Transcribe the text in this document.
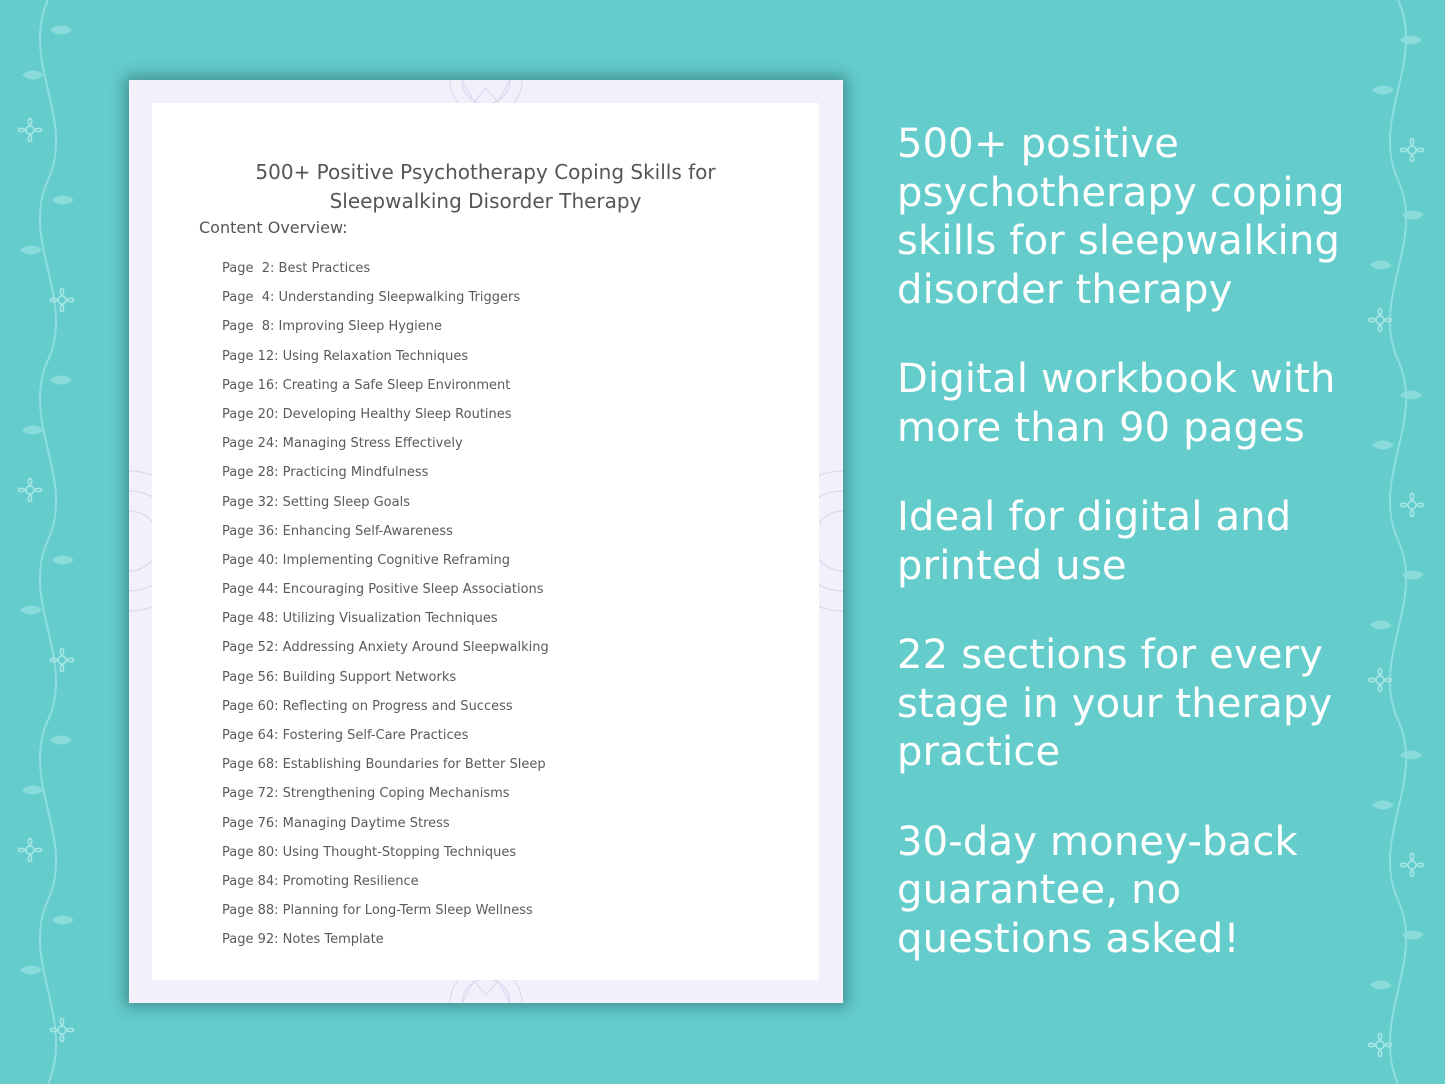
500+ Positive Psychotherapy Coping Skills for
Sleepwalking Disorder Therapy
Content Overview:
Page  2: Best Practices
Page  4: Understanding Sleepwalking Triggers
Page  8: Improving Sleep Hygiene
Page 12: Using Relaxation Techniques
Page 16: Creating a Safe Sleep Environment
Page 20: Developing Healthy Sleep Routines
Page 24: Managing Stress Effectively
Page 28: Practicing Mindfulness
Page 32: Setting Sleep Goals
Page 36: Enhancing Self-Awareness
Page 40: Implementing Cognitive Reframing
Page 44: Encouraging Positive Sleep Associations
Page 48: Utilizing Visualization Techniques
Page 52: Addressing Anxiety Around Sleepwalking
Page 56: Building Support Networks
Page 60: Reflecting on Progress and Success
Page 64: Fostering Self-Care Practices
Page 68: Establishing Boundaries for Better Sleep
Page 72: Strengthening Coping Mechanisms
Page 76: Managing Daytime Stress
Page 80: Using Thought-Stopping Techniques
Page 84: Promoting Resilience
Page 88: Planning for Long-Term Sleep Wellness
Page 92: Notes Template

500+ positive psychotherapy coping skills for sleepwalking disorder therapy

Digital workbook with more than 90 pages

Ideal for digital and printed use

22 sections for every stage in your therapy practice

30-day money-back guarantee, no questions asked!
